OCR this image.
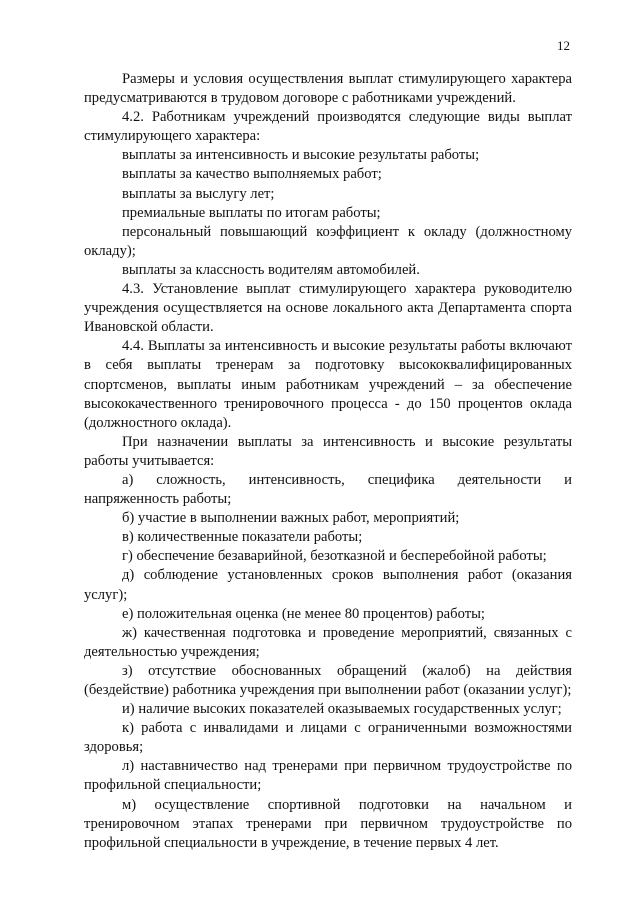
12

Размеры и условия осуществления выплат стимулирующего характера предусматриваются в трудовом договоре с работниками учреждений.

4.2. Работникам учреждений производятся следующие виды выплат стимулирующего характера:

выплаты за интенсивность и высокие результаты работы;

выплаты за качество выполняемых работ;

выплаты за выслугу лет;

премиальные выплаты по итогам работы;

персональный повышающий коэффициент к окладу (должностному окладу);

выплаты за классность водителям автомобилей.

4.3. Установление выплат стимулирующего характера руководителю учреждения осуществляется на основе локального акта Департамента спорта Ивановской области.

4.4. Выплаты за интенсивность и высокие результаты работы включают в себя выплаты тренерам за подготовку высококвалифицированных спортсменов, выплаты иным работникам учреждений – за обеспечение высококачественного тренировочного процесса - до 150 процентов оклада (должностного оклада).

При назначении выплаты за интенсивность и высокие результаты работы учитывается:

а) сложность, интенсивность, специфика деятельности и напряженность работы;

б) участие в выполнении важных работ, мероприятий;

в) количественные показатели работы;

г) обеспечение безаварийной, безотказной и бесперебойной работы;

д) соблюдение установленных сроков выполнения работ (оказания услуг);

е) положительная оценка (не менее 80 процентов) работы;

ж) качественная подготовка и проведение мероприятий, связанных с деятельностью учреждения;

з) отсутствие обоснованных обращений (жалоб) на действия (бездействие) работника учреждения при выполнении работ (оказании услуг);

и) наличие высоких показателей оказываемых государственных услуг;

к) работа с инвалидами и лицами с ограниченными возможностями здоровья;

л) наставничество над тренерами при первичном трудоустройстве по профильной специальности;

м) осуществление спортивной подготовки на начальном и тренировочном этапах тренерами при первичном трудоустройстве по профильной специальности в учреждение, в течение первых 4 лет.
